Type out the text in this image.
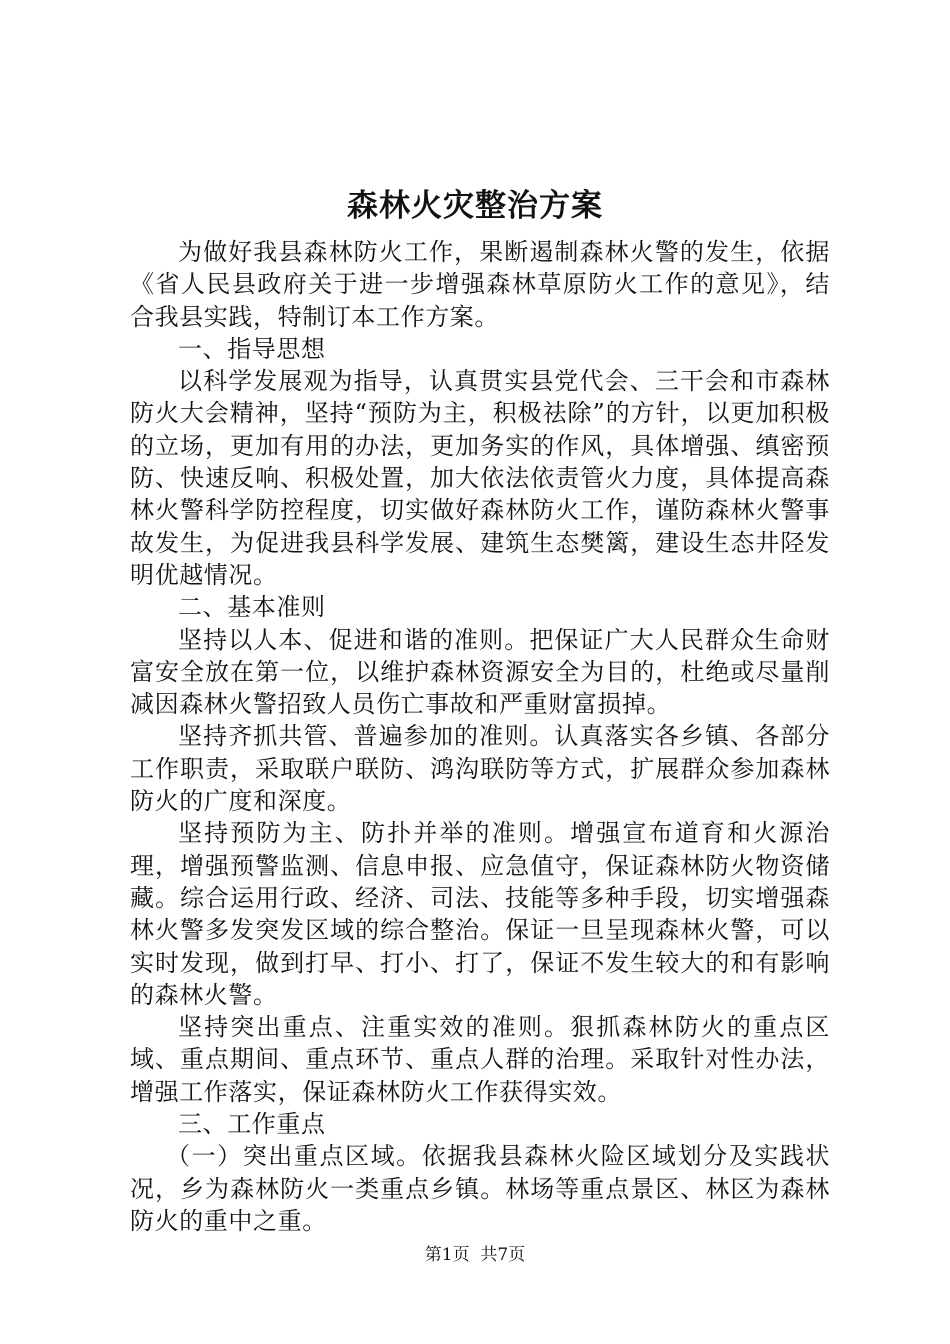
森林火灾整治方案

为做好我县森林防火工作，果断遏制森林火警的发生，依据《省人民县政府关于进一步增强森林草原防火工作的意见》，结合我县实践，特制订本工作方案。

一、指导思想

以科学发展观为指导，认真贯实县党代会、三干会和市森林防火大会精神，坚持“预防为主，积极祛除”的方针，以更加积极的立场，更加有用的办法，更加务实的作风，具体增强、缜密预防、快速反响、积极处置，加大依法依责管火力度，具体提高森林火警科学防控程度，切实做好森林防火工作，谨防森林火警事故发生，为促进我县科学发展、建筑生态樊篱，建设生态井陉发明优越情况。

二、基本准则

坚持以人本、促进和谐的准则。把保证广大人民群众生命财富安全放在第一位，以维护森林资源安全为目的，杜绝或尽量削减因森林火警招致人员伤亡事故和严重财富损掉。

坚持齐抓共管、普遍参加的准则。认真落实各乡镇、各部分工作职责，采取联户联防、鸿沟联防等方式，扩展群众参加森林防火的广度和深度。

坚持预防为主、防扑并举的准则。增强宣布道育和火源治理，增强预警监测、信息申报、应急值守，保证森林防火物资储藏。综合运用行政、经济、司法、技能等多种手段，切实增强森林火警多发突发区域的综合整治。保证一旦呈现森林火警，可以实时发现，做到打早、打小、打了，保证不发生较大的和有影响的森林火警。

坚持突出重点、注重实效的准则。狠抓森林防火的重点区域、重点期间、重点环节、重点人群的治理。采取针对性办法，增强工作落实，保证森林防火工作获得实效。

三、工作重点

（一）突出重点区域。依据我县森林火险区域划分及实践状况，乡为森林防火一类重点乡镇。林场等重点景区、林区为森林防火的重中之重。

第1页  共7页
